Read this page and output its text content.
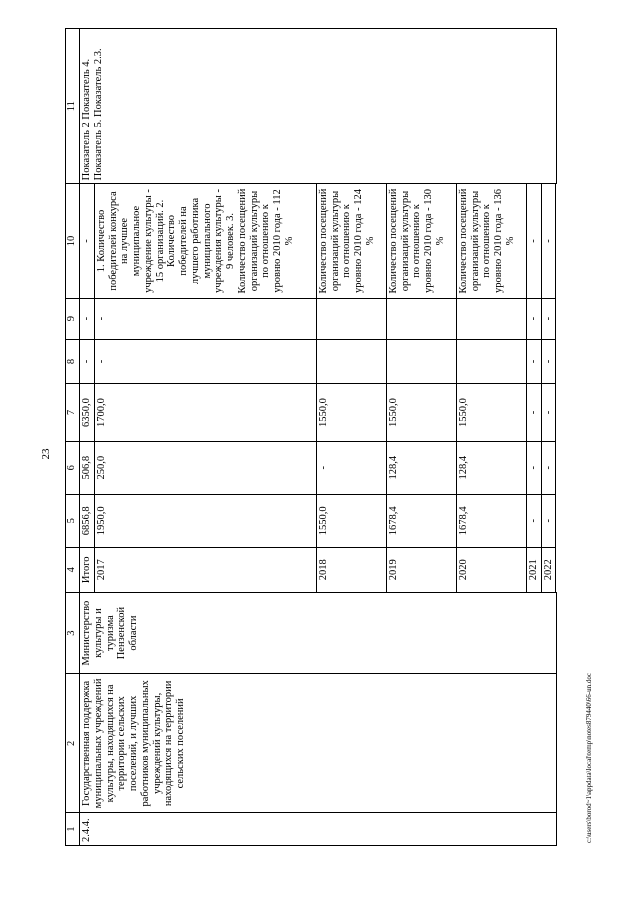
23
1	2	3	4	5	6	7	8	9	10	11
2.4.4.	Государственная поддержка муниципальных учреждений культуры, находящихся на территории сельских поселений, и лучших работников муниципальных учреждений культуры, находящихся на территории сельских поселений	Министерство культуры и туризма Пензенской области	Итого	6856,8	506,8	6350,0	-	-	-	Показатель 2 Показатель 4. Показатель 5. Показатель 2.3.
			2017	1950,0	250,0	1700,0	-	-	1. Количество победителей конкурса на лучшее муниципальное учреждение культуры - 15 организаций. 2. Количество победителей на лучшего работника муниципального учреждения культуры - 9 человек. 3. Количество посещений организаций культуры по отношению к уровню 2010 года - 112 %	
			2018	1550,0	-	1550,0			Количество посещений организаций культуры по отношению к уровню 2010 года - 124 %	
			2019	1678,4	128,4	1550,0			Количество посещений организаций культуры по отношению к уровню 2010 года - 130 %	
			2020	1678,4	128,4	1550,0			Количество посещений организаций культуры по отношению к уровню 2010 года - 136 %	
			2021	-	-	-	-	-	-	
			2022	-	-	-	-	-	-	

c:\users\borod~1\appdata\local\temp\notes879440\66-un.doc
